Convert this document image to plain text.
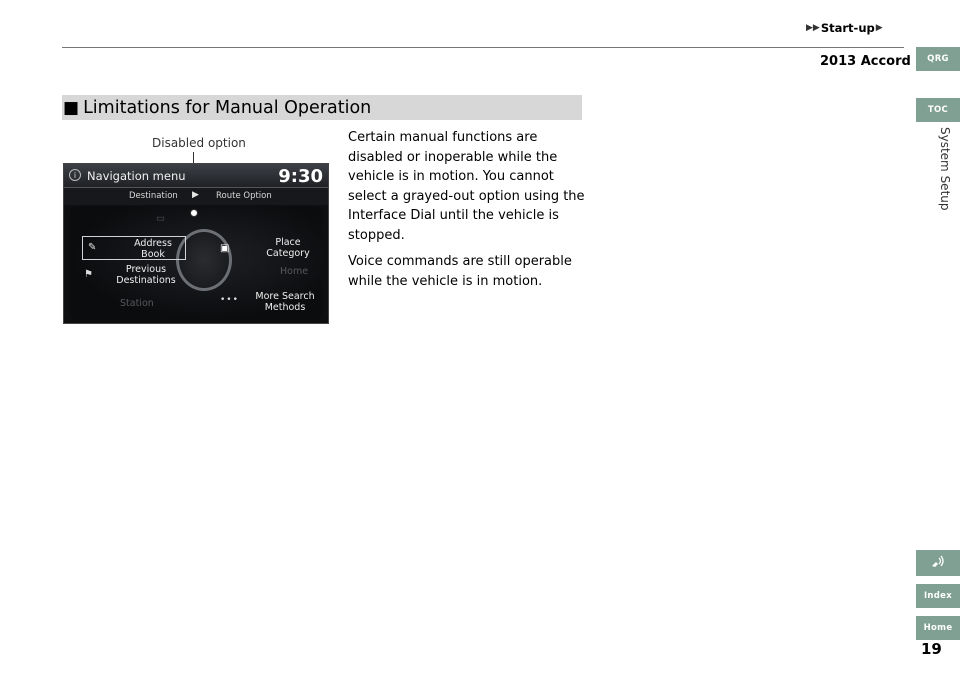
▶▶ Start-up ▶
2013 Accord	QRG
TOC
System Setup
Index
Home
■ Limitations for Manual Operation
Disabled option
i Navigation menu	9:30
Destination ▶ Route Option
▭
✎	Address Book
▣
Place Category
Home
⚑	Previous Destinations
Station	•••	More Search Methods

Certain manual functions are disabled or inoperable while the vehicle is in motion. You cannot select a grayed-out option using the Interface Dial until the vehicle is stopped.

Voice commands are still operable while the vehicle is in motion.

19
